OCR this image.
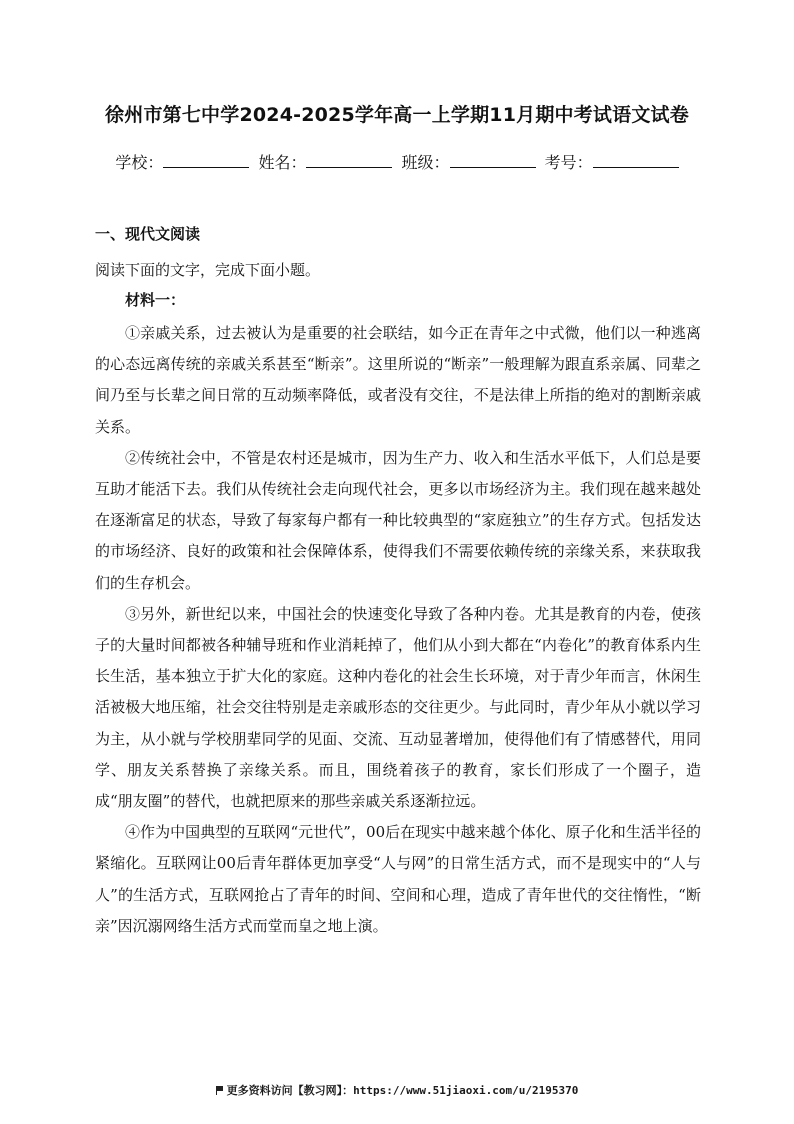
徐州市第七中学2024-2025学年高一上学期11月期中考试语文试卷
学校：	姓名：	班级：	考号：
一、现代文阅读
阅读下面的文字，完成下面小题。
材料一：

①亲戚关系，过去被认为是重要的社会联结，如今正在青年之中式微，他们以一种逃离的心态远离传统的亲戚关系甚至“断亲”。这里所说的“断亲”一般理解为跟直系亲属、同辈之间乃至与长辈之间日常的互动频率降低，或者没有交往，不是法律上所指的绝对的割断亲戚关系。

②传统社会中，不管是农村还是城市，因为生产力、收入和生活水平低下，人们总是要互助才能活下去。我们从传统社会走向现代社会，更多以市场经济为主。我们现在越来越处在逐渐富足的状态，导致了每家每户都有一种比较典型的“家庭独立”的生存方式。包括发达的市场经济、良好的政策和社会保障体系，使得我们不需要依赖传统的亲缘关系，来获取我们的生存机会。

③另外，新世纪以来，中国社会的快速变化导致了各种内卷。尤其是教育的内卷，使孩子的大量时间都被各种辅导班和作业消耗掉了，他们从小到大都在“内卷化”的教育体系内生长生活，基本独立于扩大化的家庭。这种内卷化的社会生长环境，对于青少年而言，休闲生活被极大地压缩，社会交往特别是走亲戚形态的交往更少。与此同时，青少年从小就以学习为主，从小就与学校朋辈同学的见面、交流、互动显著增加，使得他们有了情感替代，用同学、朋友关系替换了亲缘关系。而且，围绕着孩子的教育，家长们形成了一个圈子，造成“朋友圈”的替代，也就把原来的那些亲戚关系逐渐拉远。

④作为中国典型的互联网“元世代”，00后在现实中越来越个体化、原子化和生活半径的紧缩化。互联网让00后青年群体更加享受“人与网”的日常生活方式，而不是现实中的“人与人”的生活方式，互联网抢占了青年的时间、空间和心理，造成了青年世代的交往惰性，“断亲”因沉溺网络生活方式而堂而皇之地上演。

更多资料访问【教习网】：https://www.51jiaoxi.com/u/2195370
